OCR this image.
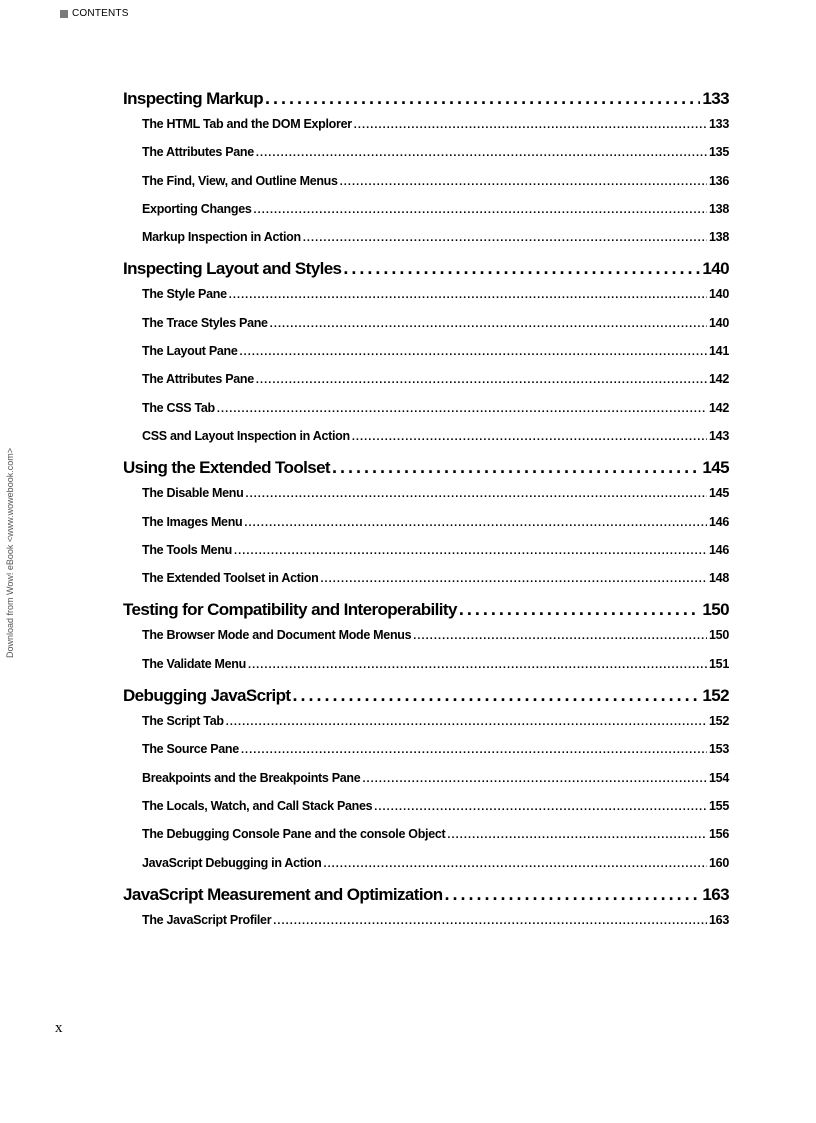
CONTENTS
Download from Wow! eBook <www.wowebook.com>
Inspecting Markup . . .	133
The HTML Tab and the DOM Explorer . . .	133
The Attributes Pane . . .	135
The Find, View, and Outline Menus . . .	136
Exporting Changes . . .	138
Markup Inspection in Action . . .	138
Inspecting Layout and Styles . . .	140
The Style Pane . . .	140
The Trace Styles Pane . . .	140
The Layout Pane . . .	141
The Attributes Pane . . .	142
The CSS Tab . . .	142
CSS and Layout Inspection in Action . . .	143
Using the Extended Toolset . . .	145
The Disable Menu . . .	145
The Images Menu . . .	146
The Tools Menu . . .	146
The Extended Toolset in Action . . .	148
Testing for Compatibility and Interoperability . . .	150
The Browser Mode and Document Mode Menus . . .	150
The Validate Menu . . .	151
Debugging JavaScript . . .	152
The Script Tab . . .	152
The Source Pane . . .	153
Breakpoints and the Breakpoints Pane . . .	154
The Locals, Watch, and Call Stack Panes . . .	155
The Debugging Console Pane and the console Object . . .	156
JavaScript Debugging in Action . . .	160
JavaScript Measurement and Optimization . . .	163
The JavaScript Profiler . . .	163
x
